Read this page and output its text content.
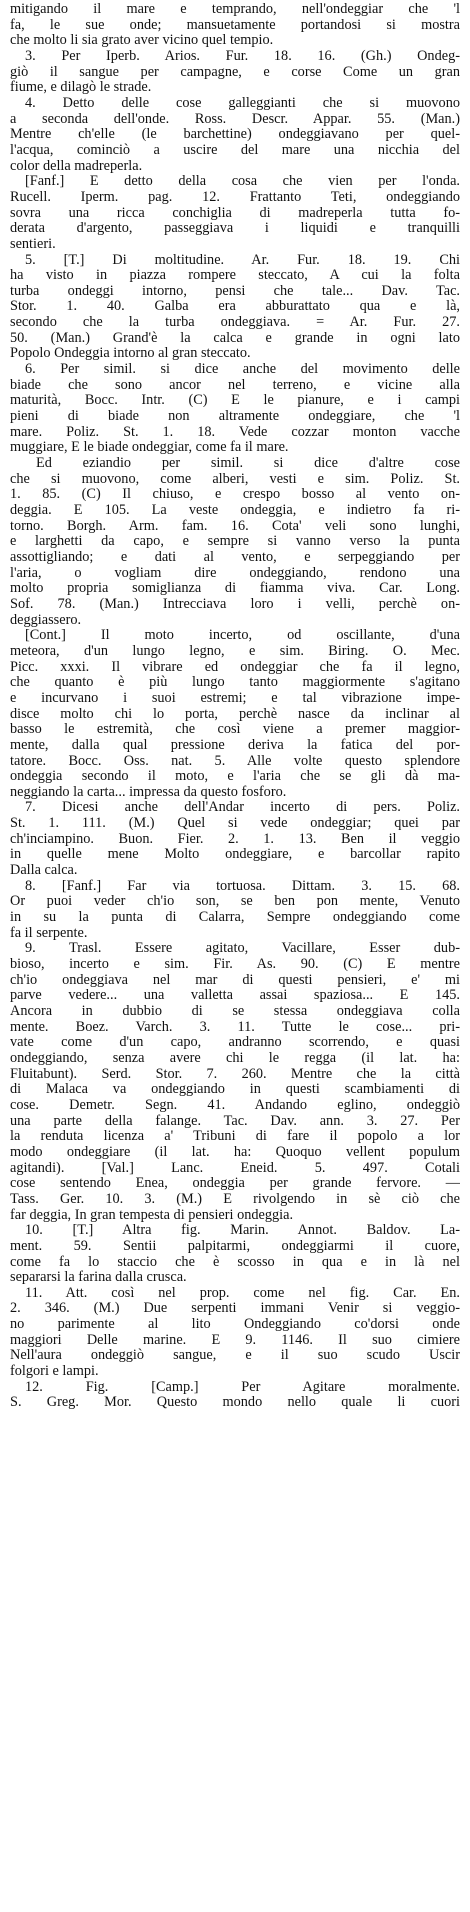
mitigando il mare e temprando, nell'ondeggiar che 'l
fa, le sue onde; mansuetamente portandosi si mostra
che molto li sia grato aver vicino quel tempio.
3. Per Iperb. Arios. Fur. 18. 16. (Gh.) Ondeg-
giò il sangue per campagne, e corse Come un gran
fiume, e dilagò le strade.
4. Detto delle cose galleggianti che si muovono
a seconda dell'onde. Ross. Descr. Appar. 55. (Man.)
Mentre ch'elle (le barchettine) ondeggiavano per quel-
l'acqua, cominciò a uscire del mare una nicchia del
color della madreperla.
[Fanf.] E detto della cosa che vien per l'onda.
Rucell. Iperm. pag. 12. Frattanto Teti, ondeggiando
sovra una ricca conchiglia di madreperla tutta fo-
derata d'argento, passeggiava i liquidi e tranquilli
sentieri.
5. [T.] Di moltitudine. Ar. Fur. 18. 19. Chi
ha visto in piazza rompere steccato, A cui la folta
turba ondeggi intorno, pensi che tale... Dav. Tac.
Stor. 1. 40. Galba era abburattato qua e là,
secondo che la turba ondeggiava. = Ar. Fur. 27.
50. (Man.) Grand'è la calca e grande in ogni lato
Popolo Ondeggia intorno al gran steccato.
6. Per simil. si dice anche del movimento delle
biade che sono ancor nel terreno, e vicine alla
maturità, Bocc. Intr. (C) E le pianure, e i campi
pieni di biade non altramente ondeggiare, che 'l
mare. Poliz. St. 1. 18. Vede cozzar monton vacche
muggiare, E le biade ondeggiar, come fa il mare.
Ed eziandio per simil. si dice d'altre cose
che si muovono, come alberi, vesti e sim. Poliz. St.
1. 85. (C) Il chiuso, e crespo bosso al vento on-
deggia. E 105. La veste ondeggia, e indietro fa ri-
torno. Borgh. Arm. fam. 16. Cota' veli sono lunghi,
e larghetti da capo, e sempre si vanno verso la punta
assottigliando; e dati al vento, e serpeggiando per
l'aria, o vogliam dire ondeggiando, rendono una
molto propria somiglianza di fiamma viva. Car. Long.
Sof. 78. (Man.) Intrecciava loro i velli, perchè on-
deggiassero.
[Cont.] Il moto incerto, od oscillante, d'una
meteora, d'un lungo legno, e sim. Biring. O. Mec.
Picc. xxxi. Il vibrare ed ondeggiar che fa il legno,
che quanto è più lungo tanto maggiormente s'agitano
e incurvano i suoi estremi; e tal vibrazione impe-
disce molto chi lo porta, perchè nasce da inclinar al
basso le estremità, che così viene a premer maggior-
mente, dalla qual pressione deriva la fatica del por-
tatore. Bocc. Oss. nat. 5. Alle volte questo splendore
ondeggia secondo il moto, e l'aria che se gli dà ma-
neggiando la carta... impressa da questo fosforo.
7. Dicesi anche dell'Andar incerto di pers. Poliz.
St. 1. 111. (M.) Quel si vede ondeggiar; quei par
ch'inciampino. Buon. Fier. 2. 1. 13. Ben il veggio
in quelle mene Molto ondeggiare, e barcollar rapito
Dalla calca.
8. [Fanf.] Far via tortuosa. Dittam. 3. 15. 68.
Or puoi veder ch'io son, se ben pon mente, Venuto
in su la punta di Calarra, Sempre ondeggiando come
fa il serpente.
9. Trasl. Essere agitato, Vacillare, Esser dub-
bioso, incerto e sim. Fir. As. 90. (C) E mentre
ch'io ondeggiava nel mar di questi pensieri, e' mi
parve vedere... una valletta assai spaziosa... E 145.
Ancora in dubbio di se stessa ondeggiava colla
mente. Boez. Varch. 3. 11. Tutte le cose... pri-
vate come d'un capo, andranno scorrendo, e quasi
ondeggiando, senza avere chi le regga (il lat. ha:
Fluitabunt). Serd. Stor. 7. 260. Mentre che la città
di Malaca va ondeggiando in questi scambiamenti di
cose. Demetr. Segn. 41. Andando eglino, ondeggiò
una parte della falange. Tac. Dav. ann. 3. 27. Per
la renduta licenza a' Tribuni di fare il popolo a lor
modo ondeggiare (il lat. ha: Quoquo vellent populum
agitandi). [Val.] Lanc. Eneid. 5. 497. Cotali
cose sentendo Enea, ondeggia per grande fervore. —
Tass. Ger. 10. 3. (M.) E rivolgendo in sè ciò che
far deggia, In gran tempesta di pensieri ondeggia.
10. [T.] Altra fig. Marin. Annot. Baldov. La-
ment. 59. Sentii palpitarmi, ondeggiarmi il cuore,
come fa lo staccio che è scosso in qua e in là nel
separarsi la farina dalla crusca.
11. Att. così nel prop. come nel fig. Car. En.
2. 346. (M.) Due serpenti immani Venir si veggio-
no parimente al lito Ondeggiando co'dorsi onde
maggiori Delle marine. E 9. 1146. Il suo cimiere
Nell'aura ondeggiò sangue, e il suo scudo Uscir
folgori e lampi.
12. Fig. [Camp.] Per Agitare moralmente.
S. Greg. Mor. Questo mondo nello quale li cuori
